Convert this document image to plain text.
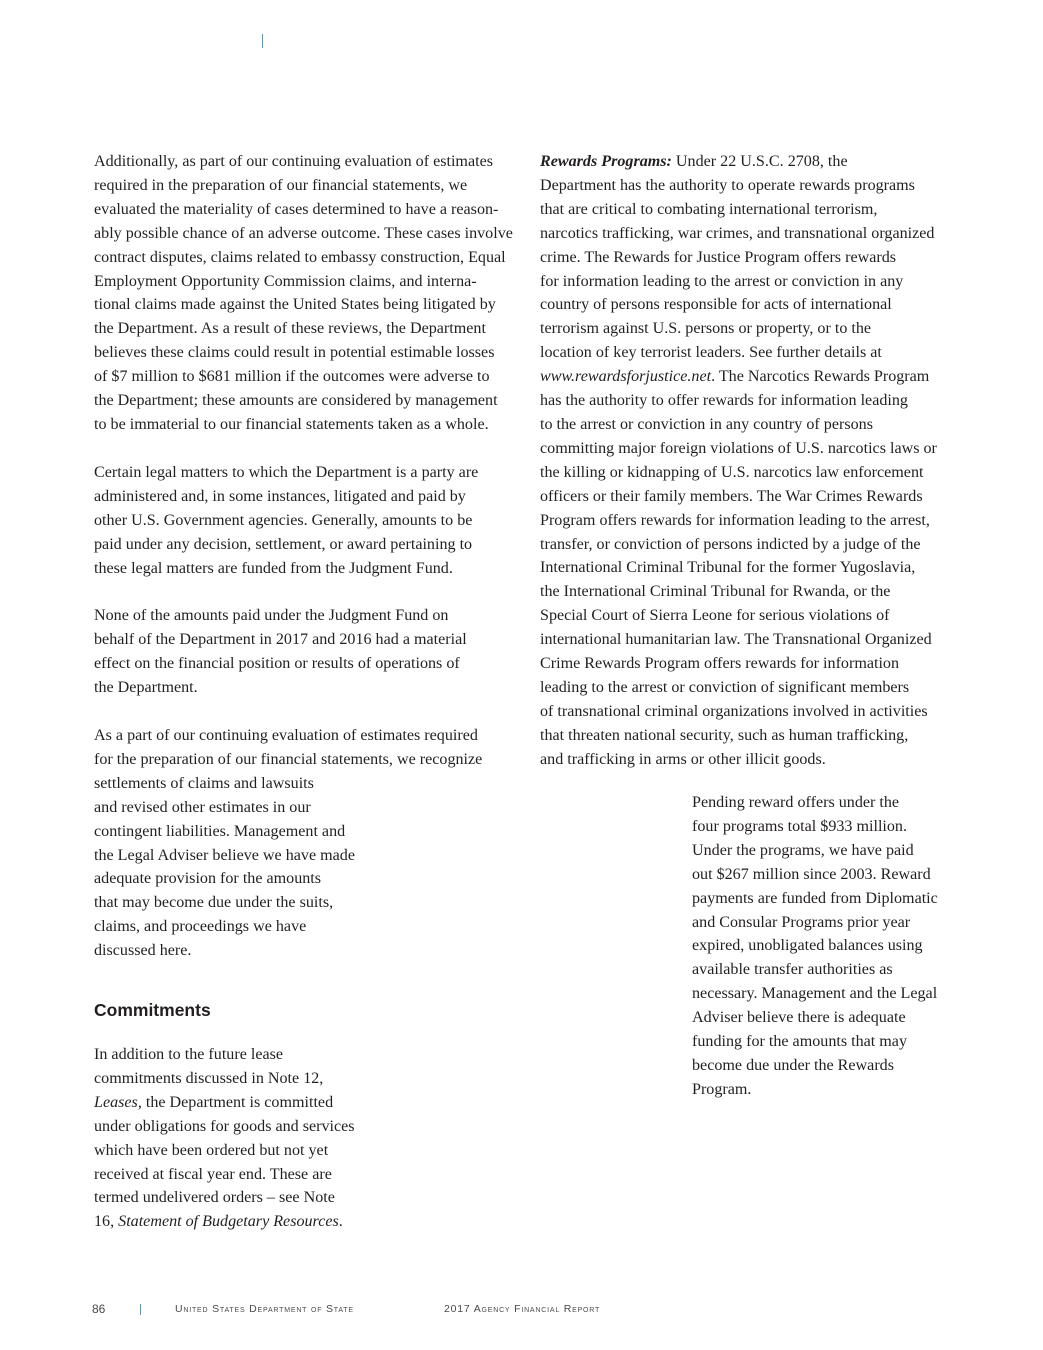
Additionally, as part of our continuing evaluation of estimates
required in the preparation of our financial statements, we
evaluated the materiality of cases determined to have a reason-
ably possible chance of an adverse outcome. These cases involve
contract disputes, claims related to embassy construction, Equal
Employment Opportunity Commission claims, and interna-
tional claims made against the United States being litigated by
the Department. As a result of these reviews, the Department
believes these claims could result in potential estimable losses
of $7 million to $681 million if the outcomes were adverse to
the Department; these amounts are considered by management
to be immaterial to our financial statements taken as a whole.

Certain legal matters to which the Department is a party are
administered and, in some instances, litigated and paid by
other U.S. Government agencies. Generally, amounts to be
paid under any decision, settlement, or award pertaining to
these legal matters are funded from the Judgment Fund.

None of the amounts paid under the Judgment Fund on
behalf of the Department in 2017 and 2016 had a material
effect on the financial position or results of operations of
the Department.

As a part of our continuing evaluation of estimates required
for the preparation of our financial statements, we recognize
settlements of claims and lawsuits
and revised other estimates in our
contingent liabilities. Management and
the Legal Adviser believe we have made
adequate provision for the amounts
that may become due under the suits,
claims, and proceedings we have
discussed here.

Commitments

In addition to the future lease
commitments discussed in Note 12,
Leases, the Department is committed
under obligations for goods and services
which have been ordered but not yet
received at fiscal year end. These are
termed undelivered orders – see Note
16, Statement of Budgetary Resources.

Rewards Programs: Under 22 U.S.C. 2708, the
Department has the authority to operate rewards programs
that are critical to combating international terrorism,
narcotics trafficking, war crimes, and transnational organized
crime. The Rewards for Justice Program offers rewards
for information leading to the arrest or conviction in any
country of persons responsible for acts of international
terrorism against U.S. persons or property, or to the
location of key terrorist leaders. See further details at
www.rewardsforjustice.net. The Narcotics Rewards Program
has the authority to offer rewards for information leading
to the arrest or conviction in any country of persons
committing major foreign violations of U.S. narcotics laws or
the killing or kidnapping of U.S. narcotics law enforcement
officers or their family members. The War Crimes Rewards
Program offers rewards for information leading to the arrest,
transfer, or conviction of persons indicted by a judge of the
International Criminal Tribunal for the former Yugoslavia,
the International Criminal Tribunal for Rwanda, or the
Special Court of Sierra Leone for serious violations of
international humanitarian law. The Transnational Organized
Crime Rewards Program offers rewards for information
leading to the arrest or conviction of significant members
of transnational criminal organizations involved in activities
that threaten national security, such as human trafficking,
and trafficking in arms or other illicit goods.

Pending reward offers under the
four programs total $933 million.
Under the programs, we have paid
out $267 million since 2003. Reward
payments are funded from Diplomatic
and Consular Programs prior year
expired, unobligated balances using
available transfer authorities as
necessary. Management and the Legal
Adviser believe there is adequate
funding for the amounts that may
become due under the Rewards
Program.

86	United States Department of State	2017 Agency Financial Report
